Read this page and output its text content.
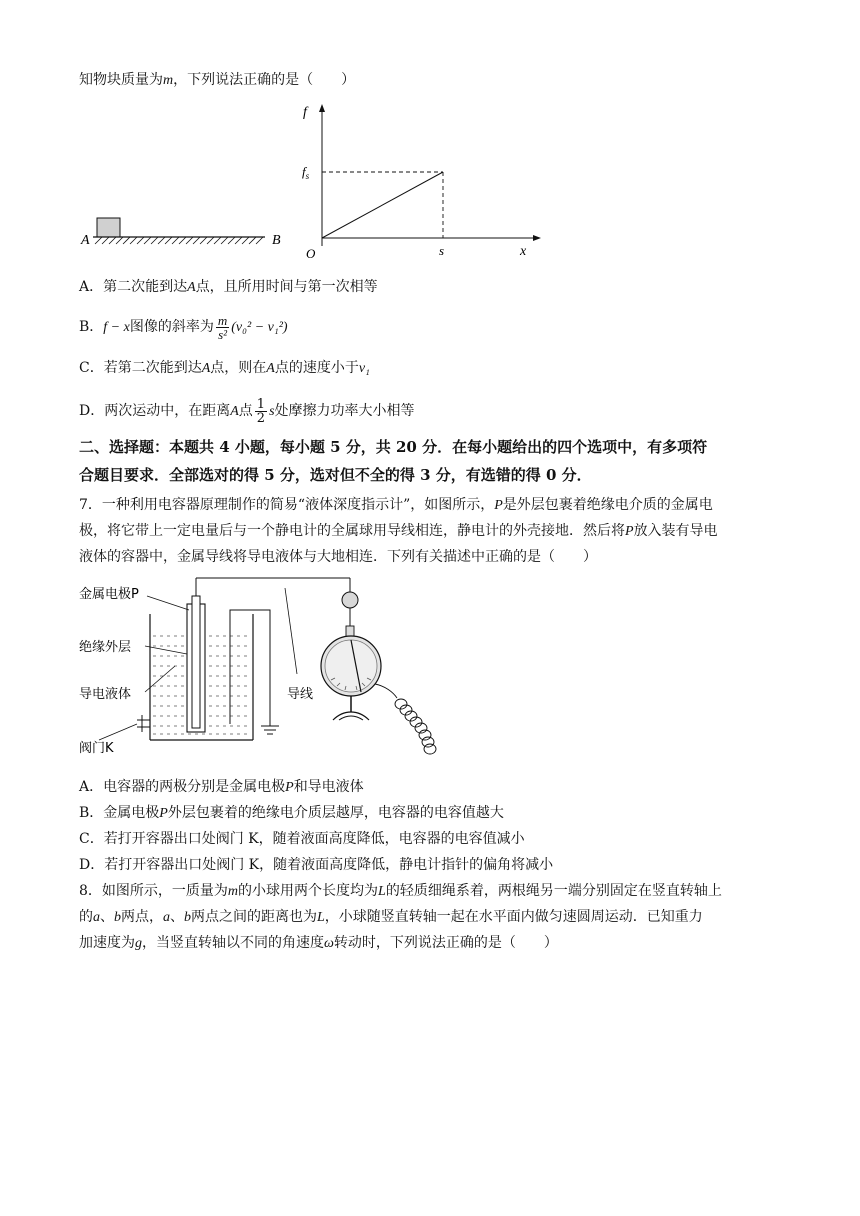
知物块质量为m，下列说法正确的是（　　）
A	B
f
x
O
$f_s$
s
A．第二次能到达A点，且所用时间与第一次相等
B．f − x图像的斜率为 $\frac{m}{\text{s²}} (v_0^2 - v_1^2)$
C．若第二次能到达A点，则在A点的速度小于v₁
D．两次运动中，在距离A点 $\frac{1}{2}$ s处摩擦力功率大小相等
二、选择题：本题共 4 小题，每小题 5 分，共 20 分．在每小题给出的四个选项中，有多项符
合题目要求．全部选对的得 5 分，选对但不全的得 3 分，有选错的得 0 分．
7．一种利用电容器原理制作的简易“液体深度指示计”，如图所示，P是外层包裹着绝缘电介质的金属电
极，将它带上一定电量后与一个静电计的全属球用导线相连，静电计的外壳接地．然后将P放入装有导电
液体的容器中，金属导线将导电液体与大地相连．下列有关描述中正确的是（　　）
金属电极P
绝缘外层
导电液体
阀门K
导线
A．电容器的两极分别是金属电极P和导电液体
B．金属电极P外层包裹着的绝缘电介质层越厚，电容器的电容值越大
C．若打开容器出口处阀门 K，随着液面高度降低，电容器的电容值减小
D．若打开容器出口处阀门 K，随着液面高度降低，静电计指针的偏角将减小
8．如图所示，一质量为m的小球用两个长度均为L的轻质细绳系着，两根绳另一端分别固定在竖直转轴上
的a、b两点，a、b两点之间的距离也为L，小球随竖直转轴一起在水平面内做匀速圆周运动．已知重力
加速度为g，当竖直转轴以不同的角速度ω转动时，下列说法正确的是（　　）
